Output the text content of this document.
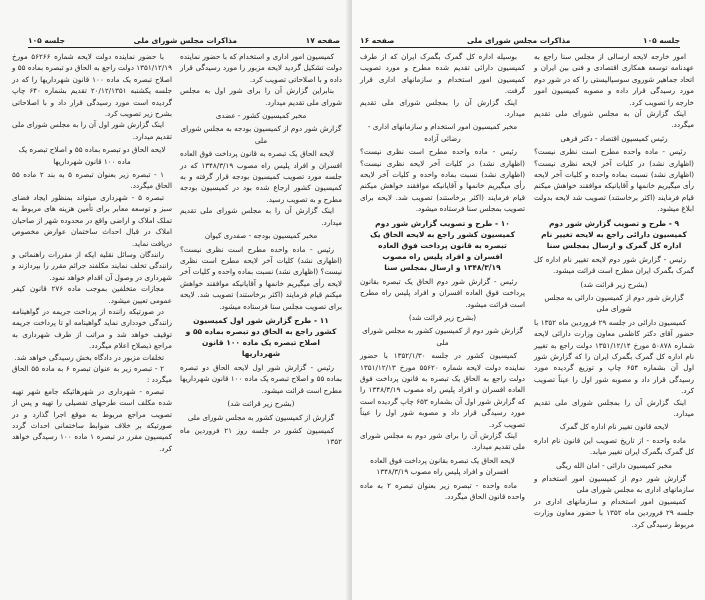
صفحه ۱۷
مذاکرات مجلس شورای ملی
جلسه ۱۰۵

کمیسیون امور اداری و استخدام که با حضور نماینده دولت تشکیل گردید لایحه مزبور را مورد رسیدگی قرار داده و با اصلاحاتی تصویب کرد.

بنابراین گزارش آن را برای شور اول به مجلس شورای ملی تقدیم میدارد.

مخبر کمیسیون کشور - عضدی

گزارش شور دوم از کمیسیون بودجه به مجلس شورای ملی

لایحه الحاق یک تبصره به قانون پرداخت فوق العاده افسران و افراد پلیس راه مصوب ۱۳۴۸/۳/۱۹ که در جلسه مورد تصویب کمیسیون بودجه قرار گرفته و به کمیسیون کشور ارجاع شده بود در کمیسیون بودجه مطرح و به تصویب رسید.

اینک گزارش آن را به مجلس شورای ملی تقدیم میدارد.

مخبر کمیسیون بودجه - صفدری کیوان

رئیس - ماده واحده مطرح است نظری نیست؟ (اظهاری نشد) کلیات آخر لایحه مطرح است نظری نیست؟ (اظهاری نشد) نسبت بماده واحده و کلیات آخر لایحه رأی میگیریم خانمها و آقایانیکه موافقند خواهش میکنم قیام فرمایند (اکثر برخاستند) تصویب شد. لایحه برای تصویب مجلس سنا فرستاده میشود.

۱۱ - طرح گزارش شور اول کمیسیون کشور راجع به الحاق دو تبصره بماده ۵۵ و اصلاح تبصره یک ماده ۱۰۰ قانون شهرداریها

رئیس - گزارش شور اول لایحه الحاق دو تبصره بماده ۵۵ و اصلاح تبصره یک ماده ۱۰۰ قانون شهرداریها مطرح است قرائت میشود.

(بشرح زیر قرائت شد)

گزارش از کمیسیون کشور به مجلس شورای ملی

کمیسیون کشور در جلسه روز ۲۱ فروردین ماه ۱۳۵۲

با حضور نماینده دولت لایحه شماره ۵۶۲۶۶ مورخ ۱۳۵۱/۱۲/۱۹ دولت راجع به الحاق دو تبصره بماده ۵۵ و اصلاح تبصره یک ماده ۱۰۰ قانون شهرداریها را که در جلسه یکشنبه ۲۰/۱۲/۱۳۵۱ تقدیم بشماره ۶۴۰ چاپ گردیده است مورد رسیدگی قرار داد و با اصلاحاتی بشرح زیر تصویب کرد.

اینک گزارش شور اول آن را به مجلس شورای ملی تقدیم میدارد.

لایحه الحاق دو تبصره بماده ۵۵ و اصلاح تبصره یک ماده ۱۰۰ قانون شهرداریها

۱ - تبصره زیر بعنوان تبصره ۵ به بند ۲ ماده ۵۵ الحاق میگردد.

تبصره ۵ - شهرداری میتواند بمنظور ایجاد فضای سبز و توسعه معابر برای تأمین هزینه های مربوط به تملک املاک و اراضی واقع در محدوده شهر از صاحبان املاک در قبال احداث ساختمان عوارض مخصوص دریافت نماید.

رانندگان وسائل نقلیه ایکه از مقررات راهنمائی و رانندگی تخلف نمایند مکلفند جرائم مقرر را بپردازند و شهرداری در وصول آن اقدام خواهد نمود.

مجازات متخلفین بموجب ماده ۲۷۶ قانون کیفر عمومی تعیین میشود.

در صورتیکه راننده از پرداخت جریمه در گواهینامه رانندگی خودداری نماید گواهینامه او تا پرداخت جریمه توقیف خواهد شد و مراتب از طرف شهرداری به مراجع ذیصلاح اعلام میگردد.

تخلفات مزبور در دادگاه بخش رسیدگی خواهد شد.

۲ - تبصره زیر به عنوان تبصره ۶ به ماده ۵۵ الحاق میگردد :

تبصره - شهرداری در شهرهائیکه جامع شهر تهیه شده مکلف است طرحهای تفصیلی را تهیه و پس از تصویب مراجع مربوط به موقع اجرا گذارد و در صورتیکه بر خلاف ضوابط ساختمانی احداث گردد کمیسیون مقرر در تبصره ۱ ماده ۱۰۰ رسیدگی خواهد کرد.

جلسه ۱۰۵
مذاکرات مجلس شورای ملی
صفحه ۱۶

امور خارجه لایحه ارسالی از مجلس سنا راجع به عهدنامه توسعه همکاری اقتصادی و فنی بین ایران و اتحاد جماهیر شوروی سوسیالیستی را که در شور دوم مورد رسیدگی قرار داده و مصوبه کمیسیون امور خارجه را تصویب کرد.

اینک گزارش آن به مجلس شورای ملی تقدیم میگردد.

رئیس کمیسیون اقتصاد - دکتر فرهی

رئیس - ماده واحده مطرح است نظری نیست؟ (اظهاری نشد) در کلیات آخر لایحه نظری نیست؟ (اظهاری نشد) نسبت بماده واحده و کلیات آخر لایحه رأی میگیریم خانمها و آقایانیکه موافقند خواهش میکنم قیام فرمایند (اکثر برخاستند) تصویب شد لایحه بدولت ابلاغ میشود.

۹ - طرح و تصویب گزارش شور دوم کمیسیون دارائی راجع به لایحه تغییر نام اداره کل گمرک و ارسال بمجلس سنا

رئیس - گزارش شور دوم لایحه تغییر نام اداره کل گمرک بگمرک ایران مطرح است قرائت میشود.

(بشرح زیر قرائت شد)

گزارش شور دوم از کمیسیون دارائی به مجلس شورای ملی

کمیسیون دارائی در جلسه ۲۹ فروردین ماه ۱۳۵۲ با حضور آقای دکتر کاظمی معاون وزارت دارائی لایحه شماره ۵۰۸۷۸ مورخ ۱۳۵۱/۱۲/۱۴ دولت راجع به تغییر نام اداره کل گمرک بگمرک ایران را که گزارش شور اول آن بشماره ۶۵۴ چاپ و توزیع گردیده مورد رسیدگی قرار داد و مصوبه شور اول را عیناً تصویب کرد.

اینک گزارش آن را بمجلس شورای ملی تقدیم میدارد.

لایحه قانون تغییر نام اداره کل گمرک

ماده واحده - از تاریخ تصویب این قانون نام اداره کل گمرک بگمرک ایران تغییر میابد.

مخبر کمیسیون دارائی - امان الله ریگی

گزارش شور دوم از کمیسیون امور استخدام و سازمانهای اداری به مجلس شورای ملی

کمیسیون امور استخدام و سازمانهای اداری در جلسه ۲۹ فروردین ماه ۱۳۵۲ با حضور معاون وزارت مربوط رسیدگی کرد.

بوسیله اداره کل گمرک بگمرک ایران که از طرف کمیسیون دارائی تقدیم شده مطرح و مورد تصویب کمیسیون امور استخدام و سازمانهای اداری قرار گرفت.

اینک گزارش آن را بمجلس شورای ملی تقدیم میدارد.

مخبر کمیسیون امور استخدام و سازمانهای اداری - رضائی آزاده

رئیس - ماده واحده مطرح است نظری نیست؟ (اظهاری نشد) در کلیات آخر لایحه نظری نیست؟ (اظهاری نشد) نسبت بماده واحده و کلیات آخر لایحه رأی میگیریم خانمها و آقایانیکه موافقند خواهش میکنم قیام فرمایند (اکثر برخاستند) تصویب شد. لایحه برای تصویب بمجلس سنا فرستاده میشود.

۱۰ - طرح و تصویب گزارش شور دوم کمیسیون کشور راجع به لایحه الحاق یک تبصره به قانون پرداخت فوق العاده افسران و افراد پلیس راه مصوب ۱۳۴۸/۳/۱۹ و ارسال بمجلس سنا

رئیس - گزارش شور دوم الحاق یک تبصره بقانون پرداخت فوق العاده افسران و افراد پلیس راه مطرح است قرائت میشود.

(بشرح زیر قرائت شد)

گزارش شور دوم از کمیسیون کشور به مجلس شورای ملی

کمیسیون کشور در جلسه ۱۳۵۲/۱/۳۰ با حضور نماینده دولت لایحه شماره ۵۵۶۲۰ مورخ ۱۳۵۱/۱۲/۱۳ دولت راجع به الحاق یک تبصره به قانون پرداخت فوق العاده افسران و افراد پلیس راه مصوب ۱۳۴۸/۳/۱۹ را که گزارش شور اول آن بشماره ۶۵۳ چاپ گردیده است مورد رسیدگی قرار داد و مصوبه شور اول را عیناً تصویب کرد.

اینک گزارش آن را برای شور دوم به مجلس شورای ملی تقدیم میدارد.

لایحه الحاق یک تبصره بقانون پرداخت فوق العاده افسران و افراد پلیس راه مصوب ۱۳۴۸/۳/۱۹

ماده واحده - تبصره زیر بعنوان تبصره ۲ به ماده واحده قانون الحاق میگردد.
